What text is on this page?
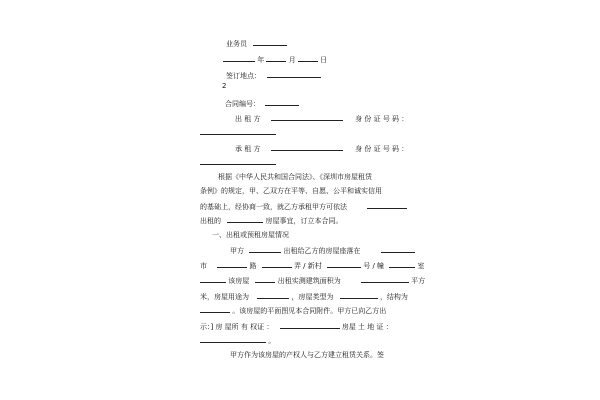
业务员
年	月	日
签订地点：
2
合同编号：
出 租 方	身 份 证 号 码 ：
承 租 方	身 份 证 号 码 ：
根据《中华人民共和国合同法》、《深圳市房屋租赁
条例》的规定，甲、乙双方在平等、自愿、公平和诚实信用
的基础上，经协商一致，就乙方承租甲方可依法
出租的	房屋事宜，订立本合同。
一、出租或预租房屋情况
甲方	出租给乙方的房屋座落在
市	路	弄 / 新村	号 / 幢	室
该房屋	出租实测建筑面积为	平方
米，房屋用途为	，房屋类型为	，结构为
。该房屋的平面图见本合同附件。甲方已向乙方出
示：] 房 屋所 有 权证 ：	房屋 土 地 证 ：
。
甲方作为该房屋的产权人与乙方建立租赁关系。签
